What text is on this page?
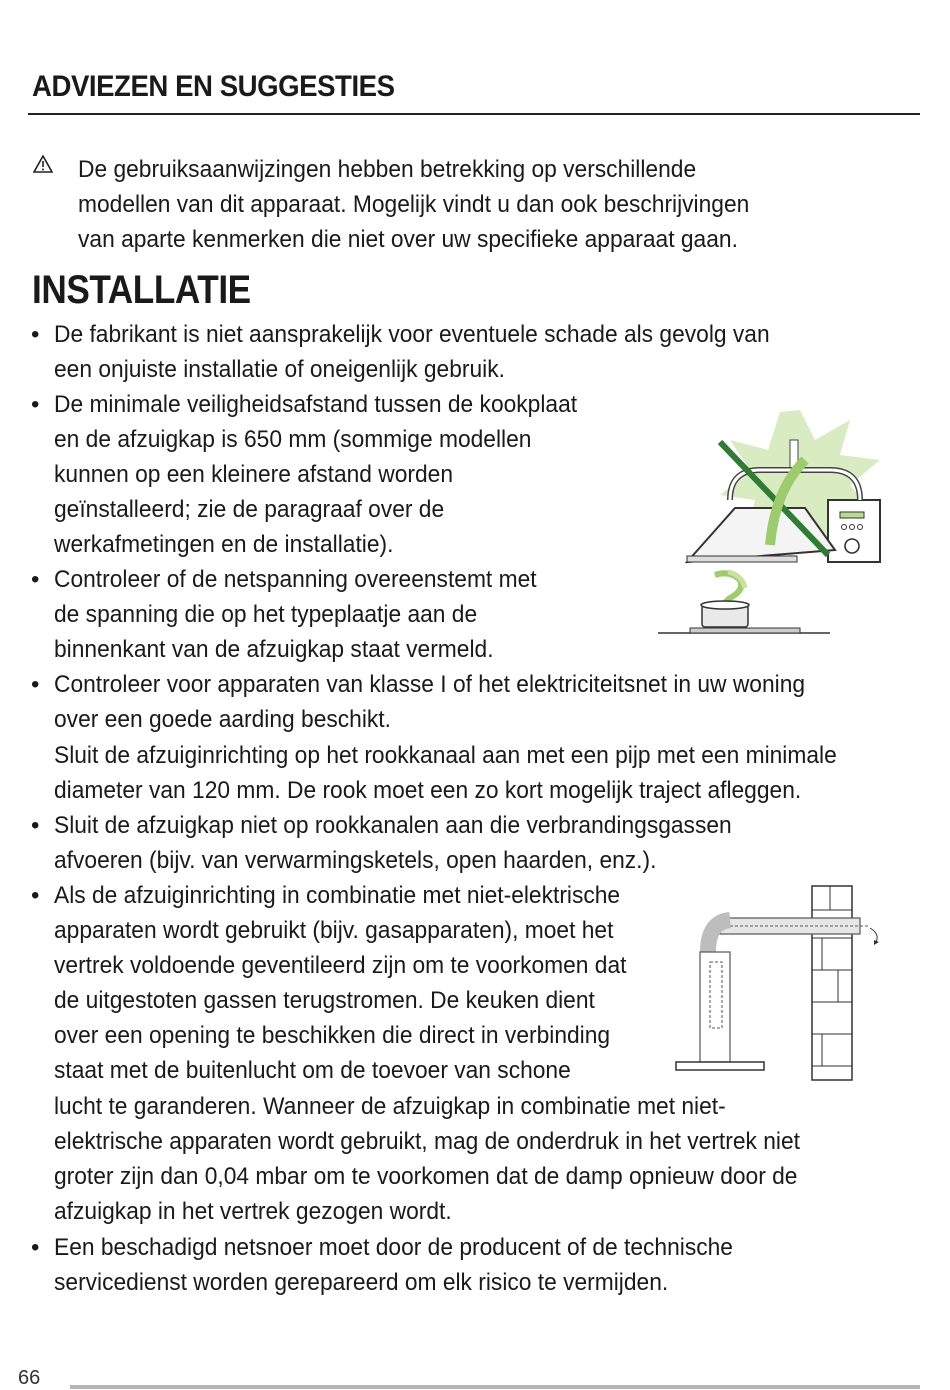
ADVIEZEN EN SUGGESTIES
De gebruiksaanwijzingen hebben betrekking op verschillende
modellen van dit apparaat. Mogelijk vindt u dan ook beschrijvingen
van aparte kenmerken die niet over uw specifieke apparaat gaan.
INSTALLATIE
• De fabrikant is niet aansprakelijk voor eventuele schade als gevolg van
een onjuiste installatie of oneigenlijk gebruik.
• De minimale veiligheidsafstand tussen de kookplaat
en de afzuigkap is 650 mm (sommige modellen
kunnen op een kleinere afstand worden
geïnstalleerd; zie de paragraaf over de
werkafmetingen en de installatie).
• Controleer of de netspanning overeenstemt met
de spanning die op het typeplaatje aan de
binnenkant van de afzuigkap staat vermeld.
• Controleer voor apparaten van klasse I of het elektriciteitsnet in uw woning
over een goede aarding beschikt.
Sluit de afzuiginrichting op het rookkanaal aan met een pijp met een minimale
diameter van 120 mm. De rook moet een zo kort mogelijk traject afleggen.
• Sluit de afzuigkap niet op rookkanalen aan die verbrandingsgassen
afvoeren (bijv. van verwarmingsketels, open haarden, enz.).
• Als de afzuiginrichting in combinatie met niet-elektrische
apparaten wordt gebruikt (bijv. gasapparaten), moet het
vertrek voldoende geventileerd zijn om te voorkomen dat
de uitgestoten gassen terugstromen. De keuken dient
over een opening te beschikken die direct in verbinding
staat met de buitenlucht om de toevoer van schone
lucht te garanderen. Wanneer de afzuigkap in combinatie met niet-
elektrische apparaten wordt gebruikt, mag de onderdruk in het vertrek niet
groter zijn dan 0,04 mbar om te voorkomen dat de damp opnieuw door de
afzuigkap in het vertrek gezogen wordt.
• Een beschadigd netsnoer moet door de producent of de technische
servicedienst worden gerepareerd om elk risico te vermijden.
66
